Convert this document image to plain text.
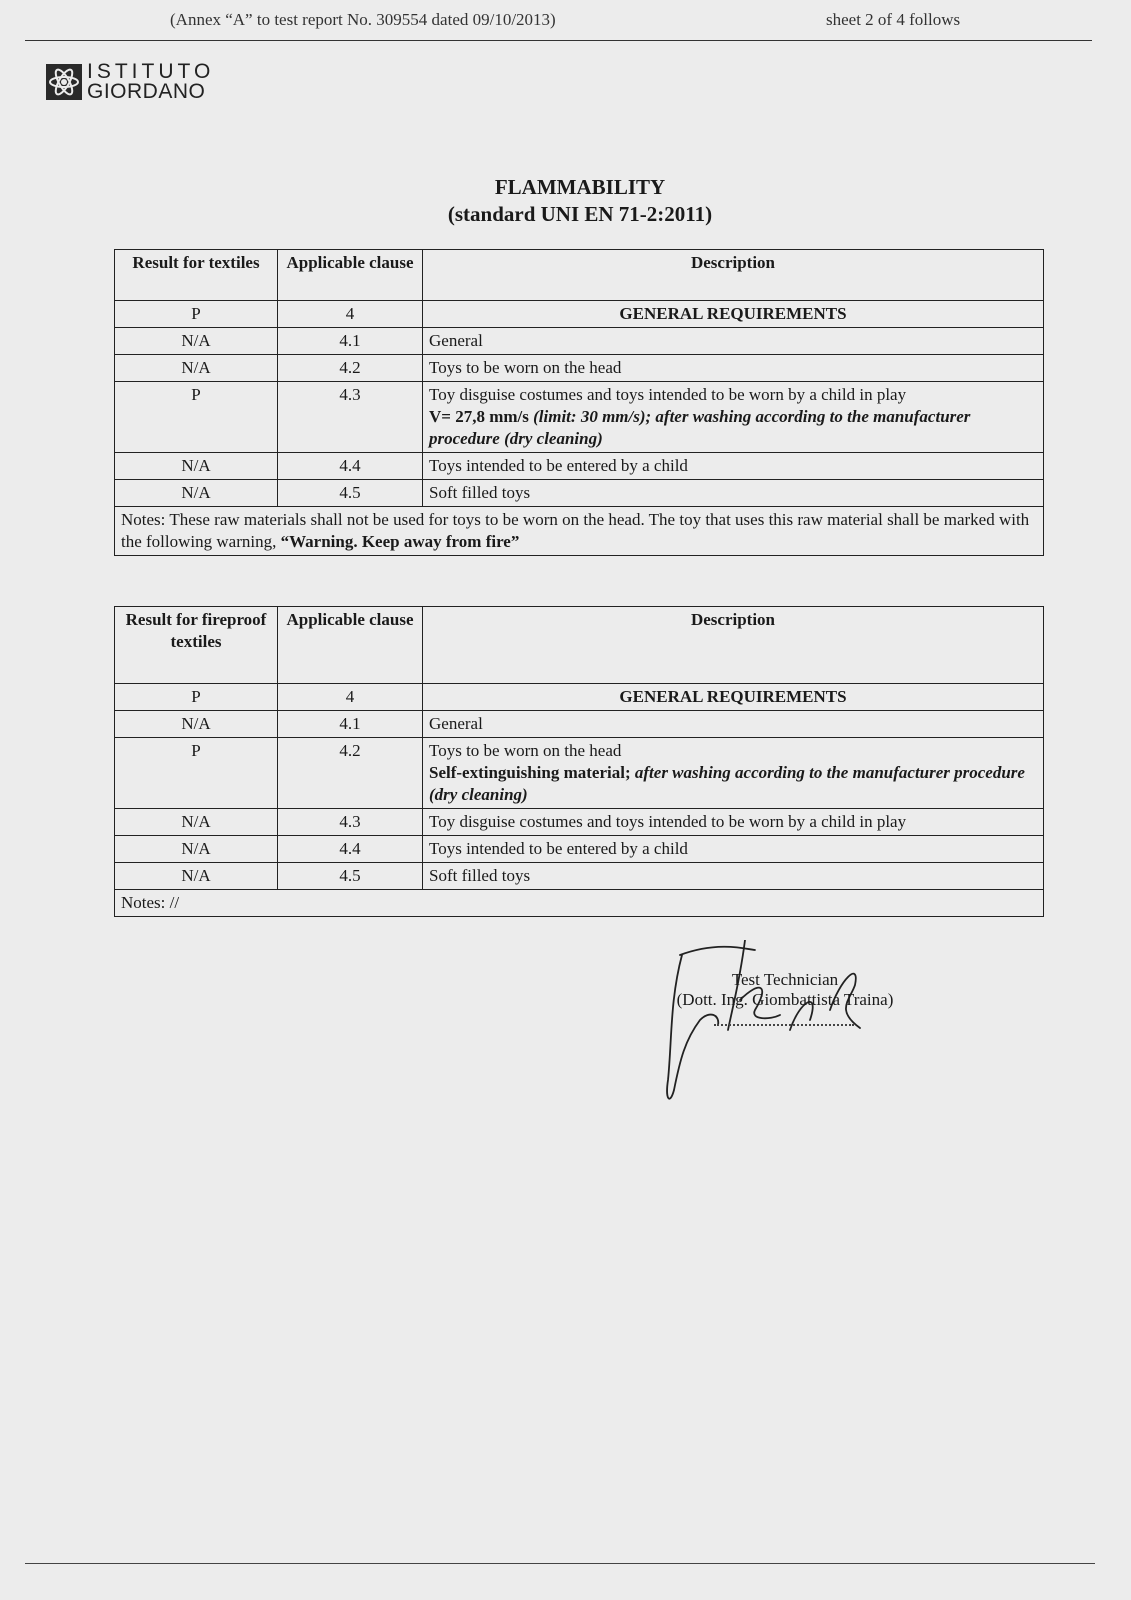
(Annex “A” to test report No. 309554 dated 09/10/2013)	sheet 2 of 4 follows
ISTITUTO
GIORDANO
FLAMMABILITY
(standard UNI EN 71-2:2011)
Result for textiles	Applicable clause	Description
P	4	GENERAL REQUIREMENTS
N/A	4.1	General
N/A	4.2	Toys to be worn on the head
P	4.3	Toy disguise costumes and toys intended to be worn by a child in play
V= 27,8 mm/s (limit: 30 mm/s); after washing according to the manufacturer procedure (dry cleaning)

N/A	4.4	Toys intended to be entered by a child
N/A	4.5	Soft filled toys
Notes: These raw materials shall not be used for toys to be worn on the head. The toy that uses this raw material shall be marked with the following warning, “Warning. Keep away from fire”		
Result for fireproof textiles	Applicable clause	Description
P	4	GENERAL REQUIREMENTS
N/A	4.1	General
P	4.2	Toys to be worn on the head
Self-extinguishing material; after washing according to the manufacturer procedure (dry cleaning)

N/A	4.3	Toy disguise costumes and toys intended to be worn by a child in play
N/A	4.4	Toys intended to be entered by a child
N/A	4.5	Soft filled toys
Notes: //		
Test Technician
(Dott. Ing. Giombattista Traina)
